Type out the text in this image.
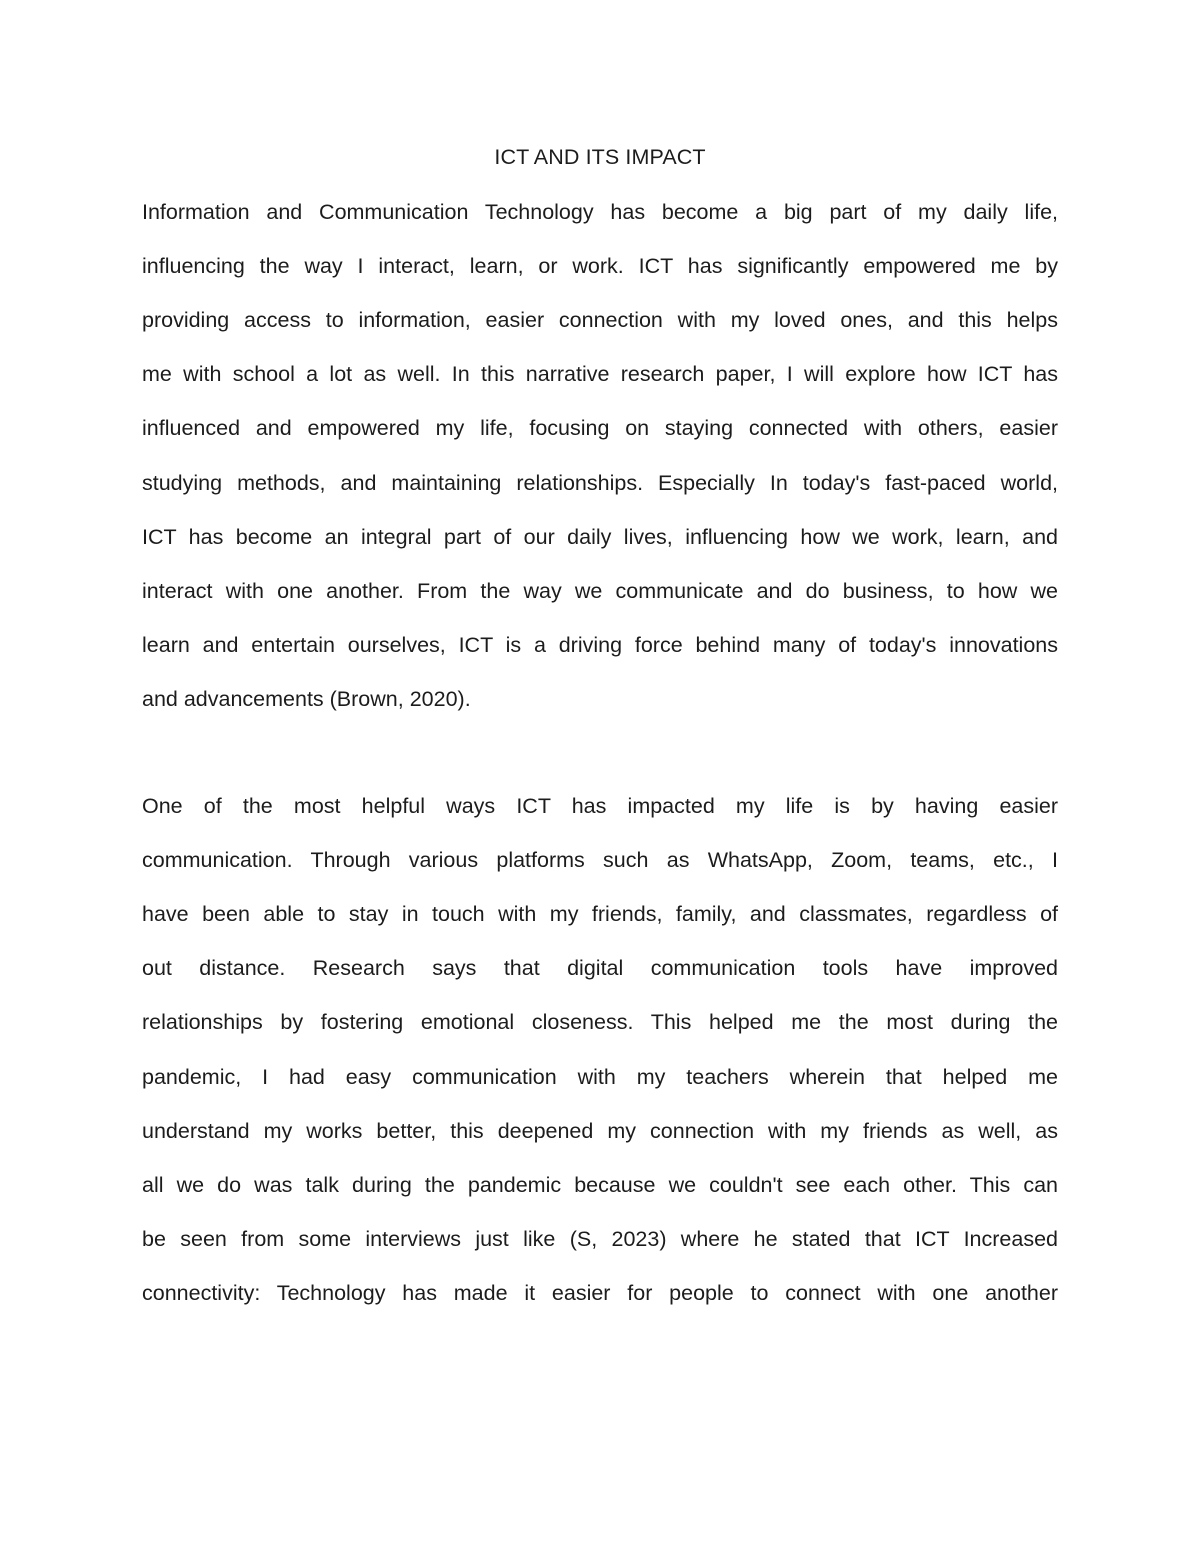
ICT AND ITS IMPACT
Information and Communication Technology has become a big part of my daily life,
influencing the way I interact, learn, or work. ICT has significantly empowered me by
providing access to information, easier connection with my loved ones, and this helps
me with school a lot as well. In this narrative research paper, I will explore how ICT has
influenced and empowered my life, focusing on staying connected with others, easier
studying methods, and maintaining relationships. Especially In today's fast-paced world,
ICT has become an integral part of our daily lives, influencing how we work, learn, and
interact with one another. From the way we communicate and do business, to how we
learn and entertain ourselves, ICT is a driving force behind many of today's innovations
and advancements (Brown, 2020).
One of the most helpful ways ICT has impacted my life is by having easier
communication. Through various platforms such as WhatsApp, Zoom, teams, etc., I
have been able to stay in touch with my friends, family, and classmates, regardless of
out distance. Research says that digital communication tools have improved
relationships by fostering emotional closeness. This helped me the most during the
pandemic, I had easy communication with my teachers wherein that helped me
understand my works better, this deepened my connection with my friends as well, as
all we do was talk during the pandemic because we couldn't see each other. This can
be seen from some interviews just like (S, 2023) where he stated that ICT Increased
connectivity: Technology has made it easier for people to connect with one another
